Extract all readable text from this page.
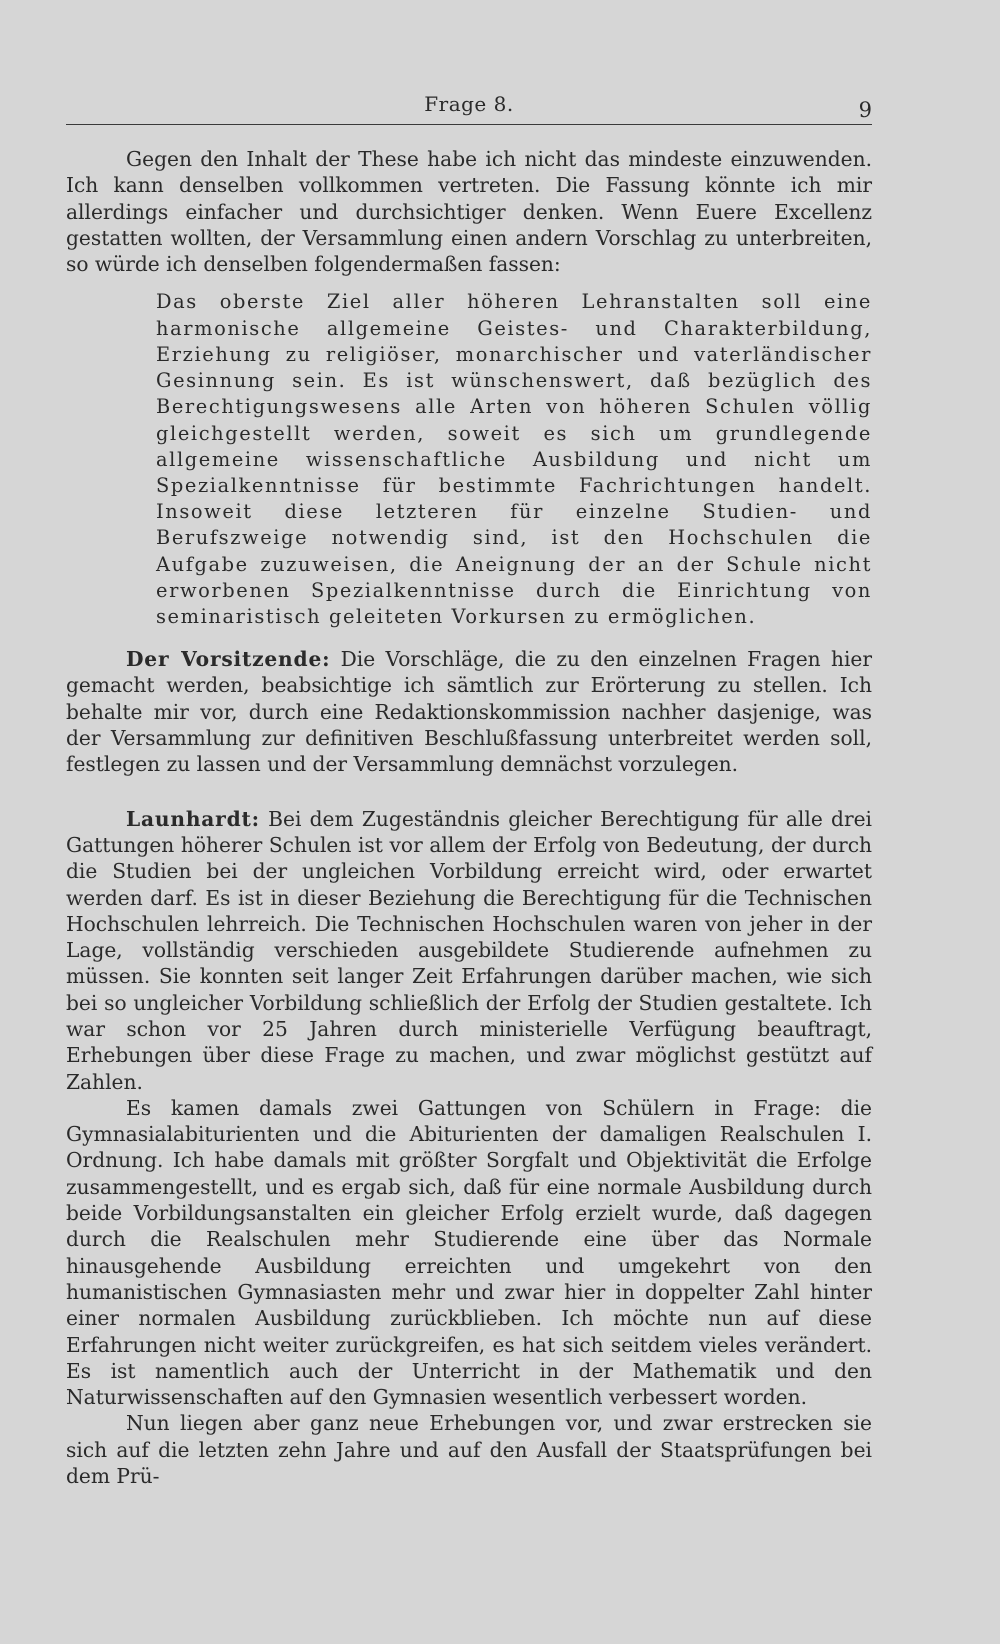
Frage 8.	9

Gegen den Inhalt der These habe ich nicht das mindeste einzuwenden. Ich kann denselben vollkommen vertreten. Die Fassung könnte ich mir allerdings einfacher und durchsichtiger denken. Wenn Euere Excellenz gestatten wollten, der Versammlung einen andern Vorschlag zu unterbreiten, so würde ich denselben folgendermaßen fassen:

Das oberste Ziel aller höheren Lehranstalten soll eine harmonische allgemeine Geistes- und Charakterbildung, Erziehung zu religiöser, monarchischer und vaterländischer Gesinnung sein. Es ist wünschenswert, daß bezüglich des Berechtigungswesens alle Arten von höheren Schulen völlig gleichgestellt werden, soweit es sich um grundlegende allgemeine wissenschaftliche Ausbildung und nicht um Spezialkenntnisse für bestimmte Fachrichtungen handelt. Insoweit diese letzteren für einzelne Studien- und Berufszweige notwendig sind, ist den Hochschulen die Aufgabe zuzuweisen, die Aneignung der an der Schule nicht erworbenen Spezialkenntnisse durch die Einrichtung von seminaristisch geleiteten Vorkursen zu ermöglichen.

Der Vorsitzende: Die Vorschläge, die zu den einzelnen Fragen hier gemacht werden, beabsichtige ich sämtlich zur Erörterung zu stellen. Ich behalte mir vor, durch eine Redaktionskommission nachher dasjenige, was der Versammlung zur definitiven Beschlußfassung unterbreitet werden soll, festlegen zu lassen und der Versammlung demnächst vorzulegen.

Launhardt: Bei dem Zugeständnis gleicher Berechtigung für alle drei Gattungen höherer Schulen ist vor allem der Erfolg von Bedeutung, der durch die Studien bei der ungleichen Vorbildung erreicht wird, oder erwartet werden darf. Es ist in dieser Beziehung die Berechtigung für die Technischen Hochschulen lehrreich. Die Technischen Hochschulen waren von jeher in der Lage, vollständig verschieden ausgebildete Studierende aufnehmen zu müssen. Sie konnten seit langer Zeit Erfahrungen darüber machen, wie sich bei so ungleicher Vorbildung schließlich der Erfolg der Studien gestaltete. Ich war schon vor 25 Jahren durch ministerielle Verfügung beauftragt, Erhebungen über diese Frage zu machen, und zwar möglichst gestützt auf Zahlen.

Es kamen damals zwei Gattungen von Schülern in Frage: die Gymnasialabiturienten und die Abiturienten der damaligen Realschulen I. Ordnung. Ich habe damals mit größter Sorgfalt und Objektivität die Erfolge zusammengestellt, und es ergab sich, daß für eine normale Ausbildung durch beide Vorbildungsanstalten ein gleicher Erfolg erzielt wurde, daß dagegen durch die Realschulen mehr Studierende eine über das Normale hinausgehende Ausbildung erreichten und umgekehrt von den humanistischen Gymnasiasten mehr und zwar hier in doppelter Zahl hinter einer normalen Ausbildung zurückblieben. Ich möchte nun auf diese Erfahrungen nicht weiter zurückgreifen, es hat sich seitdem vieles verändert. Es ist namentlich auch der Unterricht in der Mathematik und den Naturwissenschaften auf den Gymnasien wesentlich verbessert worden.

Nun liegen aber ganz neue Erhebungen vor, und zwar erstrecken sie sich auf die letzten zehn Jahre und auf den Ausfall der Staatsprüfungen bei dem Prü-
